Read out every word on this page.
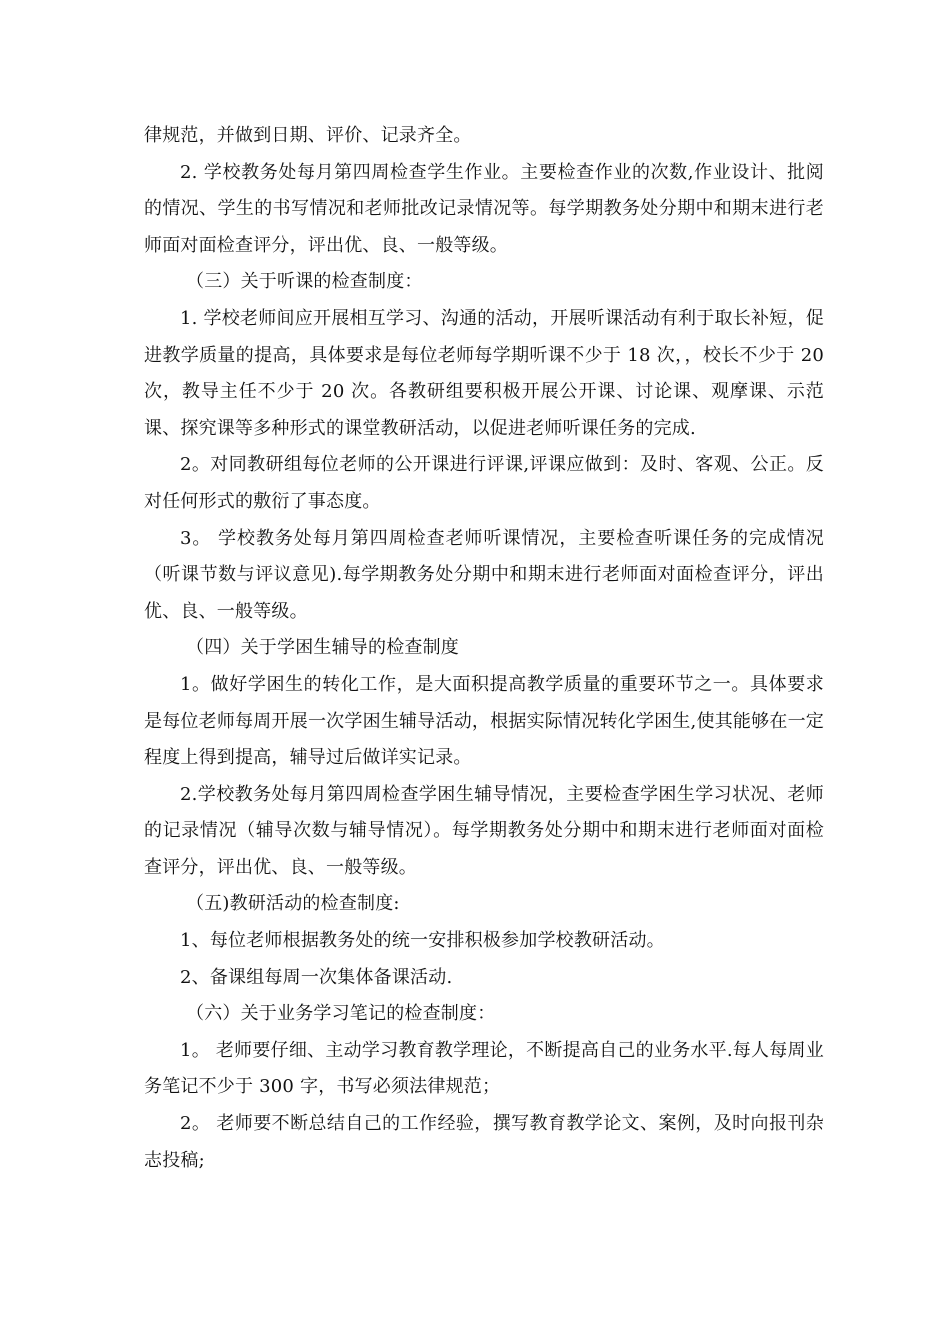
律规范，并做到日期、评价、记录齐全。

2. 学校教务处每月第四周检查学生作业。主要检查作业的次数,作业设计、批阅的情况、学生的书写情况和老师批改记录情况等。每学期教务处分期中和期末进行老师面对面检查评分，评出优、良、一般等级。

（三）关于听课的检查制度：

1. 学校老师间应开展相互学习、沟通的活动，开展听课活动有利于取长补短，促进教学质量的提高，具体要求是每位老师每学期听课不少于 18 次，，校长不少于 20 次，教导主任不少于 20 次。各教研组要积极开展公开课、讨论课、观摩课、示范课、探究课等多种形式的课堂教研活动，以促进老师听课任务的完成.

2。对同教研组每位老师的公开课进行评课,评课应做到：及时、客观、公正。反对任何形式的敷衍了事态度。

3。 学校教务处每月第四周检查老师听课情况，主要检查听课任务的完成情况（听课节数与评议意见).每学期教务处分期中和期末进行老师面对面检查评分，评出优、良、一般等级。

（四）关于学困生辅导的检查制度

1。做好学困生的转化工作，是大面积提高教学质量的重要环节之一。具体要求是每位老师每周开展一次学困生辅导活动，根据实际情况转化学困生,使其能够在一定程度上得到提高，辅导过后做详实记录。

2.学校教务处每月第四周检查学困生辅导情况，主要检查学困生学习状况、老师的记录情况（辅导次数与辅导情况）。每学期教务处分期中和期末进行老师面对面检查评分，评出优、良、一般等级。

（五)教研活动的检查制度:

1、每位老师根据教务处的统一安排积极参加学校教研活动。

2、备课组每周一次集体备课活动.

（六）关于业务学习笔记的检查制度：

1。 老师要仔细、主动学习教育教学理论，不断提高自己的业务水平.每人每周业务笔记不少于 300 字，书写必须法律规范；

2。 老师要不断总结自己的工作经验，撰写教育教学论文、案例，及时向报刊杂志投稿;
